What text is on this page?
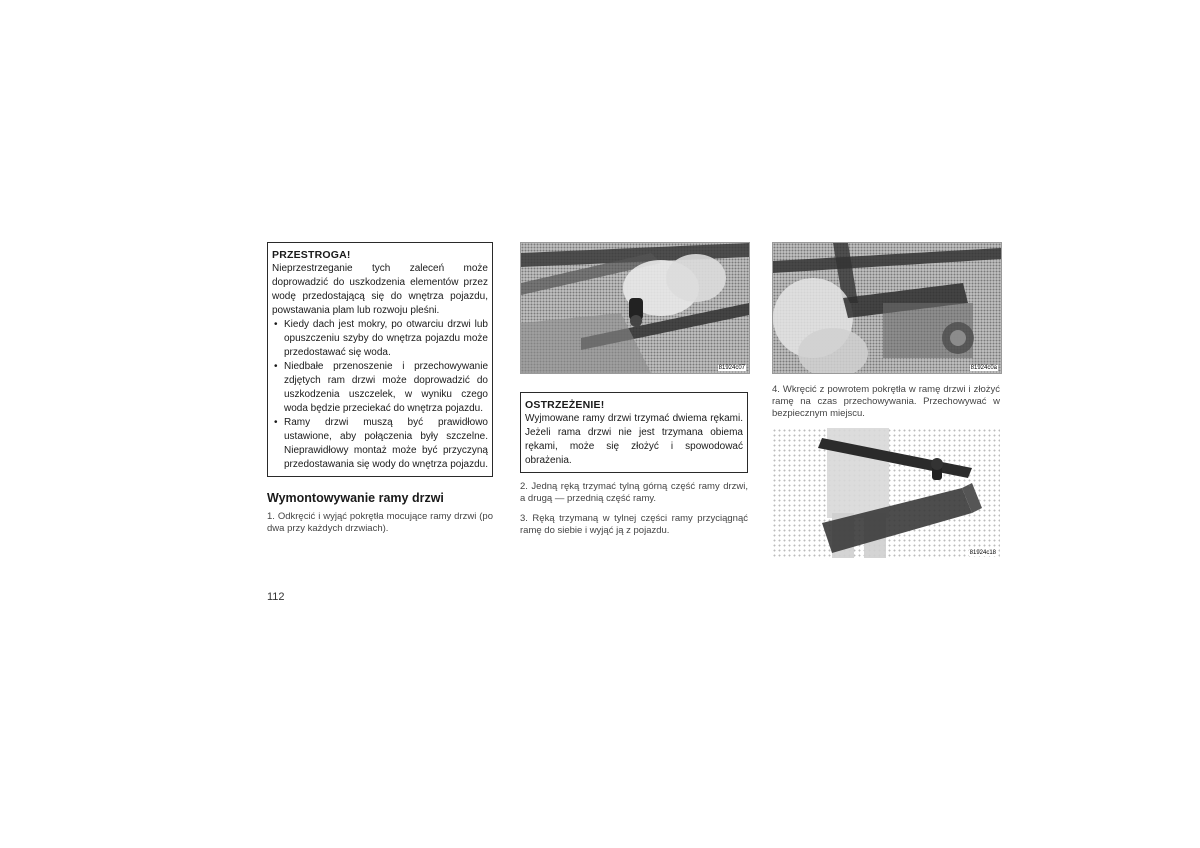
PRZESTROGA!
Nieprzestrzeganie tych zaleceń może doprowadzić do uszkodzenia elementów przez wodę przedostającą się do wnętrza pojazdu, powstawania plam lub rozwoju pleśni.
• Kiedy dach jest mokry, po otwarciu drzwi lub opuszczeniu szyby do wnętrza pojazdu może przedostawać się woda.
• Niedbałe przenoszenie i przechowywanie zdjętych ram drzwi może doprowadzić do uszkodzenia uszczelek, w wyniku czego woda będzie przeciekać do wnętrza pojazdu.
• Ramy drzwi muszą być prawidłowo ustawione, aby połączenia były szczelne. Nieprawidłowy montaż może być przyczyną przedostawania się wody do wnętrza pojazdu.
Wymontowywanie ramy drzwi

1. Odkręcić i wyjąć pokrętła mocujące ramy drzwi (po dwa przy każdych drzwiach).

81924c07
OSTRZEŻENIE!
Wyjmowane ramy drzwi trzymać dwiema rękami. Jeżeli rama drzwi nie jest trzymana obiema rękami, może się złożyć i spowodować obrażenia.

2. Jedną ręką trzymać tylną górną część ramy drzwi, a drugą — przednią część ramy.

3. Ręką trzymaną w tylnej części ramy przyciągnąć ramę do siebie i wyjąć ją z pojazdu.

81924c0a

4. Wkręcić z powrotem pokrętła w ramę drzwi i złożyć ramę na czas przechowywania. Przechowywać w bezpiecznym miejscu.

81924c18
112
